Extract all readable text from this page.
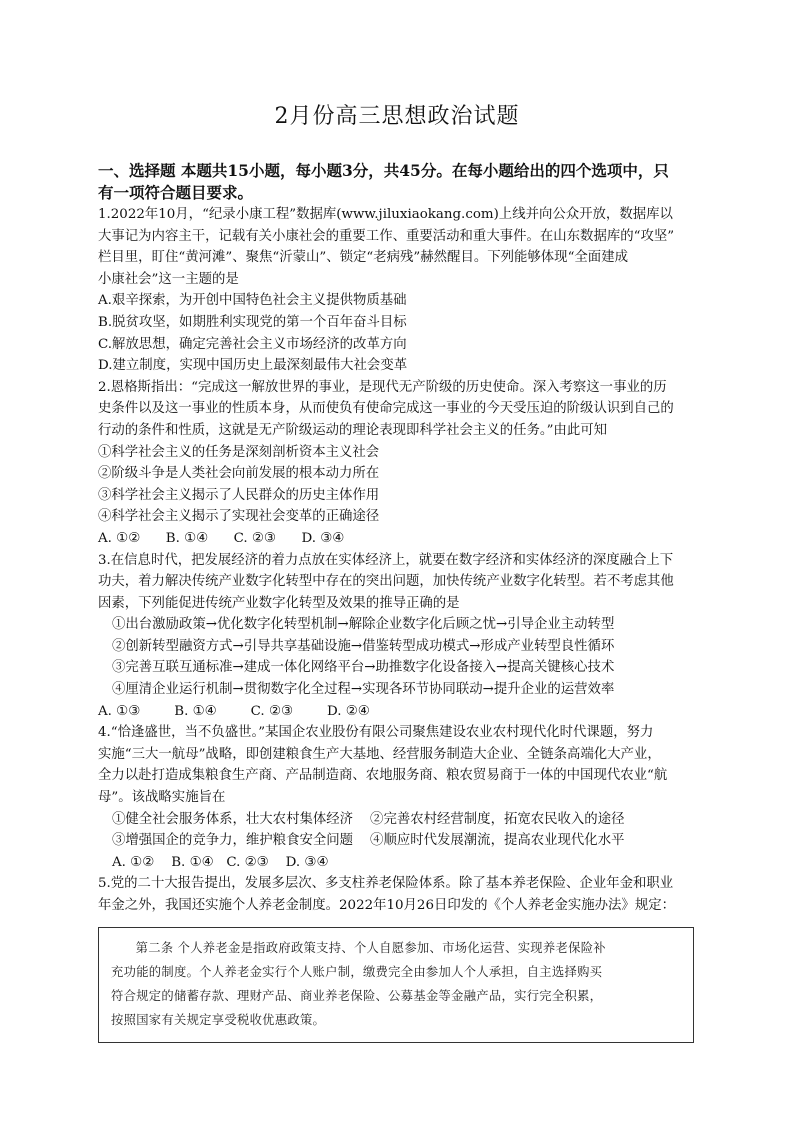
2月份高三思想政治试题

一、选择题 本题共15小题，每小题3分，共45分。在每小题给出的四个选项中，只

有一项符合题目要求。

1.2022年10月，“纪录小康工程”数据库(www.jiluxiaokang.com)上线并向公众开放，数据库以

大事记为内容主干，记载有关小康社会的重要工作、重要活动和重大事件。在山东数据库的“攻坚”

栏目里，盯住“黄河滩”、聚焦“沂蒙山”、锁定“老病残”赫然醒目。下列能够体现“全面建成

小康社会”这一主题的是

A.艰辛探索，为开创中国特色社会主义提供物质基础

B.脱贫攻坚，如期胜利实现党的第一个百年奋斗目标

C.解放思想，确定完善社会主义市场经济的改革方向

D.建立制度，实现中国历史上最深刻最伟大社会变革

2.恩格斯指出：“完成这一解放世界的事业，是现代无产阶级的历史使命。深入考察这一事业的历

史条件以及这一事业的性质本身，从而使负有使命完成这一事业的今天受压迫的阶级认识到自己的

行动的条件和性质，这就是无产阶级运动的理论表现即科学社会主义的任务。”由此可知

①科学社会主义的任务是深刻剖析资本主义社会

②阶级斗争是人类社会向前发展的根本动力所在

③科学社会主义揭示了人民群众的历史主体作用

④科学社会主义揭示了实现社会变革的正确途径

A. ①②      B. ①④      C. ②③      D. ③④

3.在信息时代，把发展经济的着力点放在实体经济上，就要在数字经济和实体经济的深度融合上下

功夫，着力解决传统产业数字化转型中存在的突出问题，加快传统产业数字化转型。若不考虑其他

因素，下列能促进传统产业数字化转型及效果的推导正确的是

①出台激励政策→优化数字化转型机制→解除企业数字化后顾之忧→引导企业主动转型

②创新转型融资方式→引导共享基础设施→借鉴转型成功模式→形成产业转型良性循环

③完善互联互通标准→建成一体化网络平台→助推数字化设备接入→提高关键核心技术

④厘清企业运行机制→贯彻数字化全过程→实现各环节协同联动→提升企业的运营效率

A. ①③        B. ①④        C. ②③        D. ②④

4.“恰逢盛世，当不负盛世。”某国企农业股份有限公司聚焦建设农业农村现代化时代课题，努力

实施“三大一航母”战略，即创建粮食生产大基地、经营服务制造大企业、全链条高端化大产业，

全力以赴打造成集粮食生产商、产品制造商、农地服务商、粮农贸易商于一体的中国现代农业“航

母”。该战略实施旨在

①健全社会服务体系，壮大农村集体经济    ②完善农村经营制度，拓宽农民收入的途径

③增强国企的竞争力，维护粮食安全问题    ④顺应时代发展潮流，提高农业现代化水平

A. ①②    B. ①④   C. ②③    D. ③④

5.党的二十大报告提出，发展多层次、多支柱养老保险体系。除了基本养老保险、企业年金和职业

年金之外，我国还实施个人养老金制度。2022年10月26日印发的《个人养老金实施办法》规定：

第二条 个人养老金是指政府政策支持、个人自愿参加、市场化运营、实现养老保险补
充功能的制度。个人养老金实行个人账户制，缴费完全由参加人个人承担，自主选择购买
符合规定的储蓄存款、理财产品、商业养老保险、公募基金等金融产品，实行完全积累，
按照国家有关规定享受税收优惠政策。
